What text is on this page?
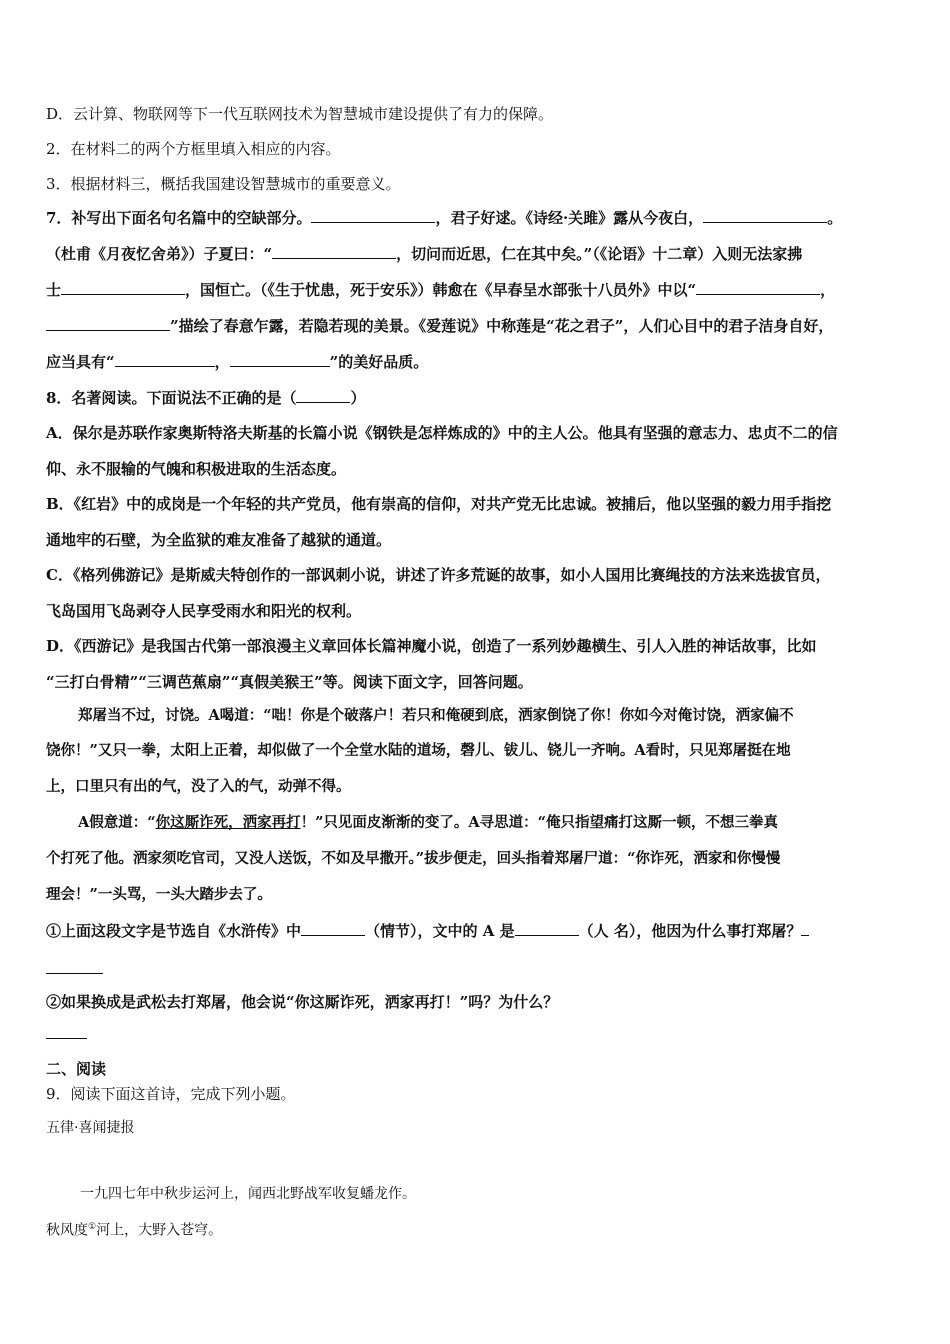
D．云计算、物联网等下一代互联网技术为智慧城市建设提供了有力的保障。
2．在材料二的两个方框里填入相应的内容。
3．根据材料三，概括我国建设智慧城市的重要意义。
7．补写出下面名句名篇中的空缺部分。	，君子好逑。《诗经·关雎》露从今夜白，	。
（杜甫《月夜忆舍弟》）子夏曰：“	，切问而近思，仁在其中矣。”（《论语》十二章）入则无法家拂
士	，国恒亡。（《生于忧患，死于安乐》）韩愈在《早春呈水部张十八员外》中以“	，
”描绘了春意乍露，若隐若现的美景。《爱莲说》中称莲是“花之君子”，人们心目中的君子洁身自好，
应当具有“	，	”的美好品质。
8．名著阅读。下面说法不正确的是（	）
A．保尔是苏联作家奥斯特洛夫斯基的长篇小说《钢铁是怎样炼成的》中的主人公。他具有坚强的意志力、忠贞不二的信
仰、永不服输的气魄和积极进取的生活态度。
B．《红岩》中的成岗是一个年轻的共产党员，他有崇高的信仰，对共产党无比忠诚。被捕后，他以坚强的毅力用手指挖
通地牢的石壁，为全监狱的难友准备了越狱的通道。
C．《格列佛游记》是斯威夫特创作的一部讽刺小说，讲述了许多荒诞的故事，如小人国用比赛绳技的方法来选拔官员，
飞岛国用飞岛剥夺人民享受雨水和阳光的权利。
D．《西游记》是我国古代第一部浪漫主义章回体长篇神魔小说，创造了一系列妙趣横生、引人入胜的神话故事，比如
“三打白骨精”“三调芭蕉扇”“真假美猴王”等。阅读下面文字，回答问题。
郑屠当不过，讨饶。A喝道：“咄！你是个破落户！若只和俺硬到底，洒家倒饶了你！你如今对俺讨饶，洒家偏不
饶你！”又只一拳，太阳上正着，却似做了一个全堂水陆的道场，磬儿、钹儿、铙儿一齐响。A看时，只见郑屠挺在地
上，口里只有出的气，没了入的气，动弹不得。
A假意道：“你这厮诈死，洒家再打！”只见面皮渐渐的变了。A寻思道：“俺只指望痛打这厮一顿，不想三拳真
个打死了他。洒家须吃官司，又没人送饭，不如及早撒开。”拔步便走，回头指着郑屠尸道：“你诈死，洒家和你慢慢
理会！”一头骂，一头大踏步去了。
①上面这段文字是节选自《水浒传》中	（情节），文中的 A 是	（人 名），他因为什么事打郑屠？
②如果换成是武松去打郑屠，他会说“你这厮诈死，洒家再打！”吗？为什么？
二、阅读
9．阅读下面这首诗，完成下列小题。
五律·喜闻捷报
一九四七年中秋步运河上，闻西北野战军收复蟠龙作。
秋风度①河上，大野入苍穹。
